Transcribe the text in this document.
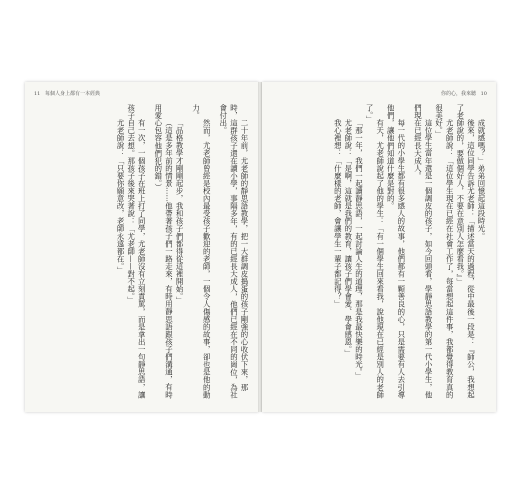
11 每個人身上都有一本經典

二十年前，尤老師的靜思語教學，把一大群調皮搗蛋的孩子剛強的心收伏下來，那時，這群孩子還在讀小學，事隔多年，有的已經長大成人，他們已經在不同的崗位，為社會付出。

然而，尤老師曾經是校內最受孩子歡迎的老師，一個令人傷感的故事，卻也是他的動力。

「品格教學才剛剛起步，我和孩子們都得從這裡開始。」

（這是多年前的情景……他帶著孩子們一路走來，有時用靜思語跟孩子們溝通，有時用愛心包容他們犯的錯。）

有一次，一個孩子在班上打了同學，尤老師沒有立刻責罵，而是拿出一句靜思語，讓孩子自己去想。那孩子後來哭著說：「尤老師——對不起。」

尤老師說：「只要你願意改，老師永遠都在。」

你的心，我來聽 10

成就感嗎？」弟弟回憶起這段時光。

後來，這位同學告訴尤老師：「描述當天的過程，從中最後一段是：『師公，我想起了老師說的，要做個好人，不要在意別人怎麼看我。』」

尤老師說：「這位學生現在已經在社會工作了，每當想起這件事，我都覺得教育真的很美好。」

這位學生當年還是一個調皮的孩子，如今回頭看，學靜思語教學的第一代小學生，他們現在已經長大成人。

每一代的小學生都有很多感人的故事，他們都有一顆善良的心，只是需要有人去引導他們，讓他們知道什麼是對的。

有天，尤老師說起了他的學生：「有一個學生回來看我，說他現在已經是別人的老師了。」

「那一年，我們一起讀靜思語，一起討論人生的道理，那是我最快樂的時光。」

尤老師說：「是啊，這就是我們的教育，讓孩子們學會愛、學會感恩。」

我心裡想：「什麼樣的老師，會讓學生一輩子都記得？」
